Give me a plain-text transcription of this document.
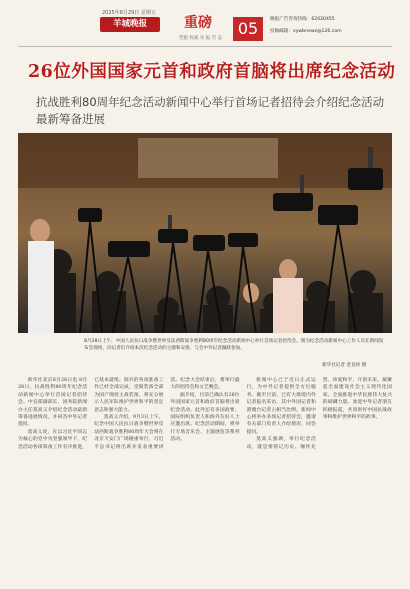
2025年8月29日 星期五
羊城晚报	重磅
凭据 权威 实 报 告 态
05	晚报广告咨询热线：62020455
投稿邮箱：xywbnews@126.com
26位外国国家元首和政府首脑将出席纪念活动
抗战胜利80周年纪念活动新闻中心举行首场记者招待会介绍纪念活动最新筹备进展
8月28日上午，中国人民抗日战争暨世界反法西斯战争胜利80周年纪念活动新闻中心举行首场记者招待会。图为纪念活动新闻中心工作人员在新闻发布会现场，向记者们介绍本次纪念活动的主题和安排。与会中外记者踊跃参加。
新华社记者 金良快 摄

新华社北京8月28日电 8月28日，抗战胜利80周年纪念活动新闻中心举行首场记者招待会。中宣部副部长、国务院新闻办主任莫高义介绍纪念活动最新筹备进展情况，并回答中外记者提问。

莫高义说，在以习近平同志为核心的党中央坚强领导下，纪念活动各项筹备工作有序推进，已基本就绪。阅兵的各项准备工作已经全部完成，受阅装备全部为国产现役主战装备，将充分展示人民军队维护世界和平的坚定意志和强大能力。

莫高义介绍，9月3日上午，纪念中国人民抗日战争暨世界反法西斯战争胜利80周年大会将在北京天安门广场隆重举行，习近平总书记将出席并发表重要讲话。纪念大会结束后，将举行盛大的招待会和文艺晚会。

据介绍，目前已确认有26位外国国家元首和政府首脑将出席纪念活动，此外还有多国政要、国际组织负责人和海外友好人士应邀出席。纪念活动期间，将举行专场音乐会、主题展览等系列活动。

新闻中心已于近日正式运行，为中外记者提供全方位服务。截至目前，已有大批境内外记者报名采访，其中外国记者和港澳台记者占相当比例。新闻中心将举办多场记者招待会，邀请有关部门负责人介绍情况、回答提问。

莫高义强调，举行纪念活动，就是要铭记历史、缅怀先烈、珍爱和平、开创未来，凝聚起全面建设社会主义现代化国家、全面推进中华民族伟大复兴的磅礴力量。欢迎中外记者朋友积极报道，共同讲好中国抗战故事和维护世界和平的故事。
